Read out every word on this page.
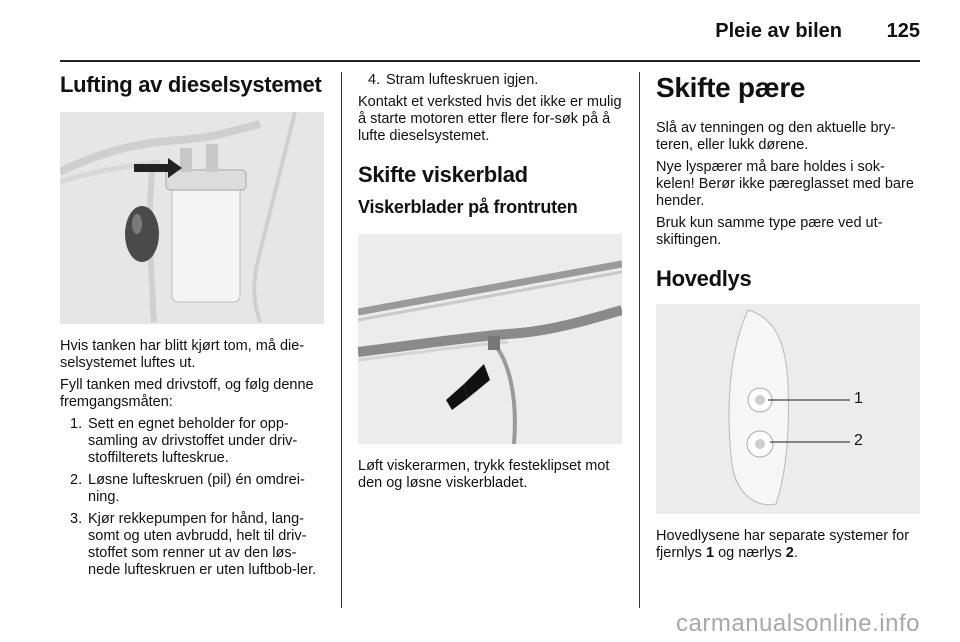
Pleie av bilen 125
Lufting av dieselsystemet

Hvis tanken har blitt kjørt tom, må die-selsystemet luftes ut.

Fyll tanken med drivstoff, og følg denne fremgangsmåten:

1. Sett en egnet beholder for opp-samling av drivstoffet under driv-stoffilterets lufteskrue.
2. Løsne lufteskruen (pil) én omdrei-ning.
3. Kjør rekkepumpen for hånd, lang-somt og uten avbrudd, helt til driv-stoffet som renner ut av den løs-nede lufteskruen er uten luftbob-ler.
4. Stram lufteskruen igjen.

Kontakt et verksted hvis det ikke er mulig å starte motoren etter flere for-søk på å lufte dieselsystemet.

Skifte viskerblad
Viskerblader på frontruten

Løft viskerarmen, trykk festeklipset mot den og løsne viskerbladet.

Skifte pære

Slå av tenningen og den aktuelle bry-teren, eller lukk dørene.

Nye lyspærer må bare holdes i sok-kelen! Berør ikke pæreglasset med bare hender.

Bruk kun samme type pære ved ut-skiftingen.

Hovedlys
1
2

Hovedlysene har separate systemer for fjernlys 1 og nærlys 2.

carmanualsonline.info
